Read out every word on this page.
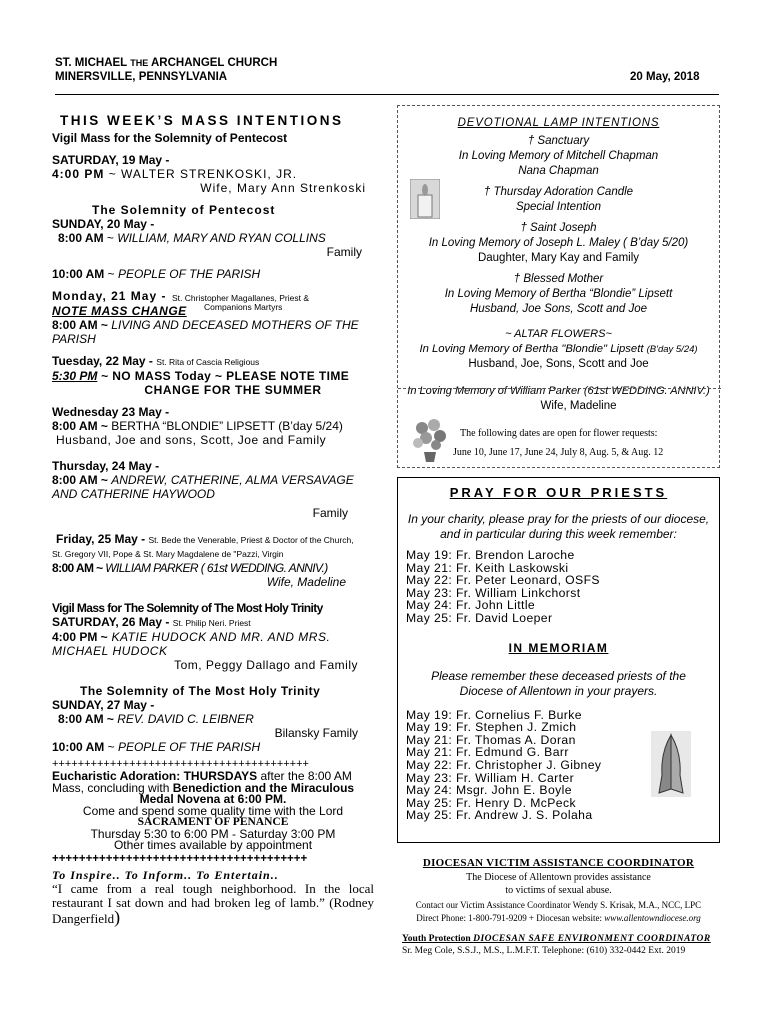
ST. MICHAEL THE ARCHANGEL CHURCH
MINERSVILLE, PENNSYLVANIA	20 May, 2018

THIS WEEK’S MASS INTENTIONS

Vigil Mass for the Solemnity of Pentecost

SATURDAY, 19 May -

4:00 PM ~ WALTER STRENKOSKI, JR.

Wife, Mary Ann Strenkoski

The Solemnity of Pentecost

SUNDAY, 20 May -

8:00 AM ~ WILLIAM, MARY AND RYAN COLLINS

Family

10:00 AM ~ PEOPLE OF THE PARISH

Monday, 21 May - St. Christopher Magallanes, Priest &
Companions Martyrs

NOTE MASS CHANGE

8:00 AM ~ LIVING AND DECEASED MOTHERS OF THE PARISH

Tuesday, 22 May - St. Rita of Cascia Religious

5:30 PM ~ NO MASS Today ~ PLEASE NOTE TIME

CHANGE FOR THE SUMMER

Wednesday 23 May -

8:00 AM ~ BERTHA “BLONDIE” LIPSETT (B’day 5/24)

Husband, Joe and sons, Scott, Joe and Family

Thursday, 24 May -

8:00 AM ~ ANDREW, CATHERINE, ALMA VERSAVAGE AND CATHERINE HAYWOOD

Family

Friday, 25 May - St. Bede the Venerable, Priest & Doctor of the Church,

St. Gregory VII, Pope & St. Mary Magdalene de "Pazzi, Virgin

8:00 AM ~ WILLIAM PARKER ( 61st WEDDING. ANNIV.)

Wife, Madeline

Vigil Mass for The Solemnity of The Most Holy Trinity

SATURDAY, 26 May - St. Philip Neri. Priest

4:00 PM ~ KATIE HUDOCK AND MR. AND MRS. MICHAEL HUDOCK

Tom, Peggy Dallago and Family

The Solemnity of The Most Holy Trinity

SUNDAY, 27 May -

8:00 AM ~ REV. DAVID C. LEIBNER

Bilansky Family

10:00 AM ~ PEOPLE OF THE PARISH

++++++++++++++++++++++++++++++++++++++++

Eucharistic Adoration: THURSDAYS after the 8:00 AM

Mass, concluding with Benediction and the Miraculous

Medal Novena at 6:00 PM.

Come and spend some quality time with the Lord

SACRAMENT OF PENANCE

Thursday 5:30 to 6:00 PM - Saturday 3:00 PM

Other times available by appointment

++++++++++++++++++++++++++++++++++++++

To Inspire.. To Inform.. To Entertain..

“I came from a real tough neighborhood. In the local restaurant I sat down and had broken leg of lamb.” (Rodney Dangerfield)

DEVOTIONAL LAMP INTENTIONS
† Sanctuary
In Loving Memory of Mitchell Chapman
Nana Chapman
† Thursday Adoration Candle
Special Intention
† Saint Joseph
In Loving Memory of Joseph L. Maley ( B’day 5/20)
Daughter, Mary Kay and Family
† Blessed Mother
In Loving Memory of Bertha “Blondie” Lipsett
Husband, Joe Sons, Scott and Joe
~ ALTAR FLOWERS~
In Loving Memory of Bertha "Blondie" Lipsett (B'day 5/24)
Husband, Joe, Sons, Scott and Joe
In Loving Memory of William Parker (61st WEDDING. ANNIV.)
Wife, Madeline
The following dates are open for flower requests:
June 10, June 17, June 24, July 8, Aug. 5, & Aug. 12
PRAY FOR OUR PRIESTS
In your charity, please pray for the priests of our diocese, and in particular during this week remember:
May 19: Fr. Brendon Laroche
May 21: Fr. Keith Laskowski
May 22: Fr. Peter Leonard, OSFS
May 23: Fr. William Linkchorst
May 24: Fr. John Little
May 25: Fr. David Loeper
IN MEMORIAM
Please remember these deceased priests of the Diocese of Allentown in your prayers.
May 19: Fr. Cornelius F. Burke
May 19: Fr. Stephen J. Zmich
May 21: Fr. Thomas A. Doran
May 21: Fr. Edmund G. Barr
May 22: Fr. Christopher J. Gibney
May 23: Fr. William H. Carter
May 24: Msgr. John E. Boyle
May 25: Fr. Henry D. McPeck
May 25: Fr. Andrew J. S. Polaha
DIOCESAN VICTIM ASSISTANCE COORDINATOR
The Diocese of Allentown provides assistance
to victims of sexual abuse.
Contact our Victim Assistance Coordinator Wendy S. Krisak, M.A., NCC, LPC
Direct Phone: 1-800-791-9209 + Diocesan website: www.allentowndiocese.org
Youth Protection DIOCESAN SAFE ENVIRONMENT COORDINATOR
Sr. Meg Cole, S.S.J., M.S., L.M.F.T. Telephone: (610) 332-0442 Ext. 2019
